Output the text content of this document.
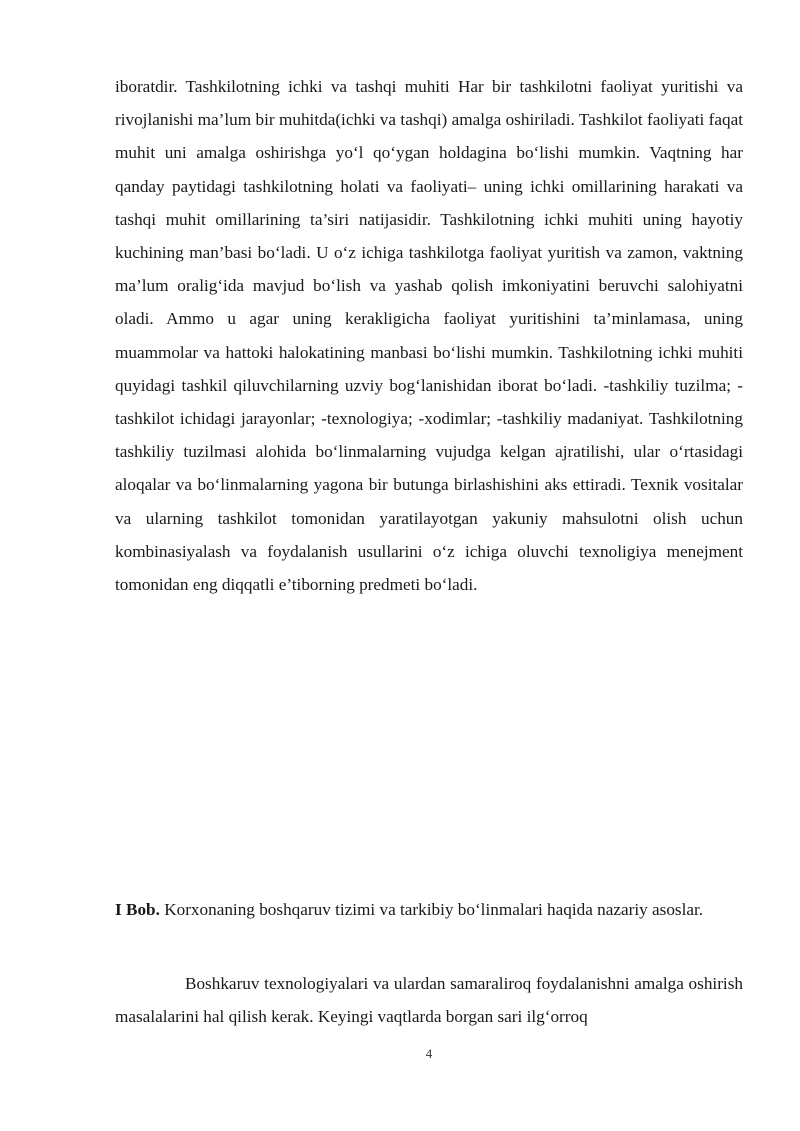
iboratdir. Tashkilotning ichki va tashqi muhiti Har bir tashkilotni faoliyat yuritishi va rivojlanishi ma’lum bir muhitda(ichki va tashqi) amalga oshiriladi. Tashkilot faoliyati faqat muhit uni amalga oshirishga yo‘l qo‘ygan holdagina bo‘lishi mumkin. Vaqtning har qanday paytidagi tashkilotning holati va faoliyati– uning ichki omillarining harakati va tashqi muhit omillarining ta’siri natijasidir. Tashkilotning ichki muhiti uning hayotiy kuchining man’basi bo‘ladi. U o‘z ichiga tashkilotga faoliyat yuritish va zamon, vaktning ma’lum oralig‘ida mavjud bo‘lish va yashab qolish imkoniyatini beruvchi salohiyatni oladi. Ammo u agar uning kerakligicha faoliyat yuritishini ta’minlamasa, uning muammolar va hattoki halokatining manbasi bo‘lishi mumkin. Tashkilotning ichki muhiti quyidagi tashkil qiluvchilarning uzviy bog‘lanishidan iborat bo‘ladi. -tashkiliy tuzilma; -tashkilot ichidagi jarayonlar; -texnologiya; -xodimlar; -tashkiliy madaniyat. Tashkilotning tashkiliy tuzilmasi alohida bo‘linmalarning vujudga kelgan ajratilishi, ular o‘rtasidagi aloqalar va bo‘linmalarning yagona bir butunga birlashishini aks ettiradi. Texnik vositalar va ularning tashkilot tomonidan yaratilayotgan yakuniy mahsulotni olish uchun kombinasiyalash va foydalanish usullarini o‘z ichiga oluvchi texnoligiya menejment tomonidan eng diqqatli e’tiborning predmeti bo‘ladi.

I Bob. Korxonaning boshqaruv tizimi va tarkibiy bo‘linmalari haqida nazariy asoslar.

Boshkaruv texnologiyalari va ulardan samaraliroq foydalanishni amalga oshirish masalalarini hal qilish kerak. Keyingi vaqtlarda borgan sari ilg‘orroq

4
